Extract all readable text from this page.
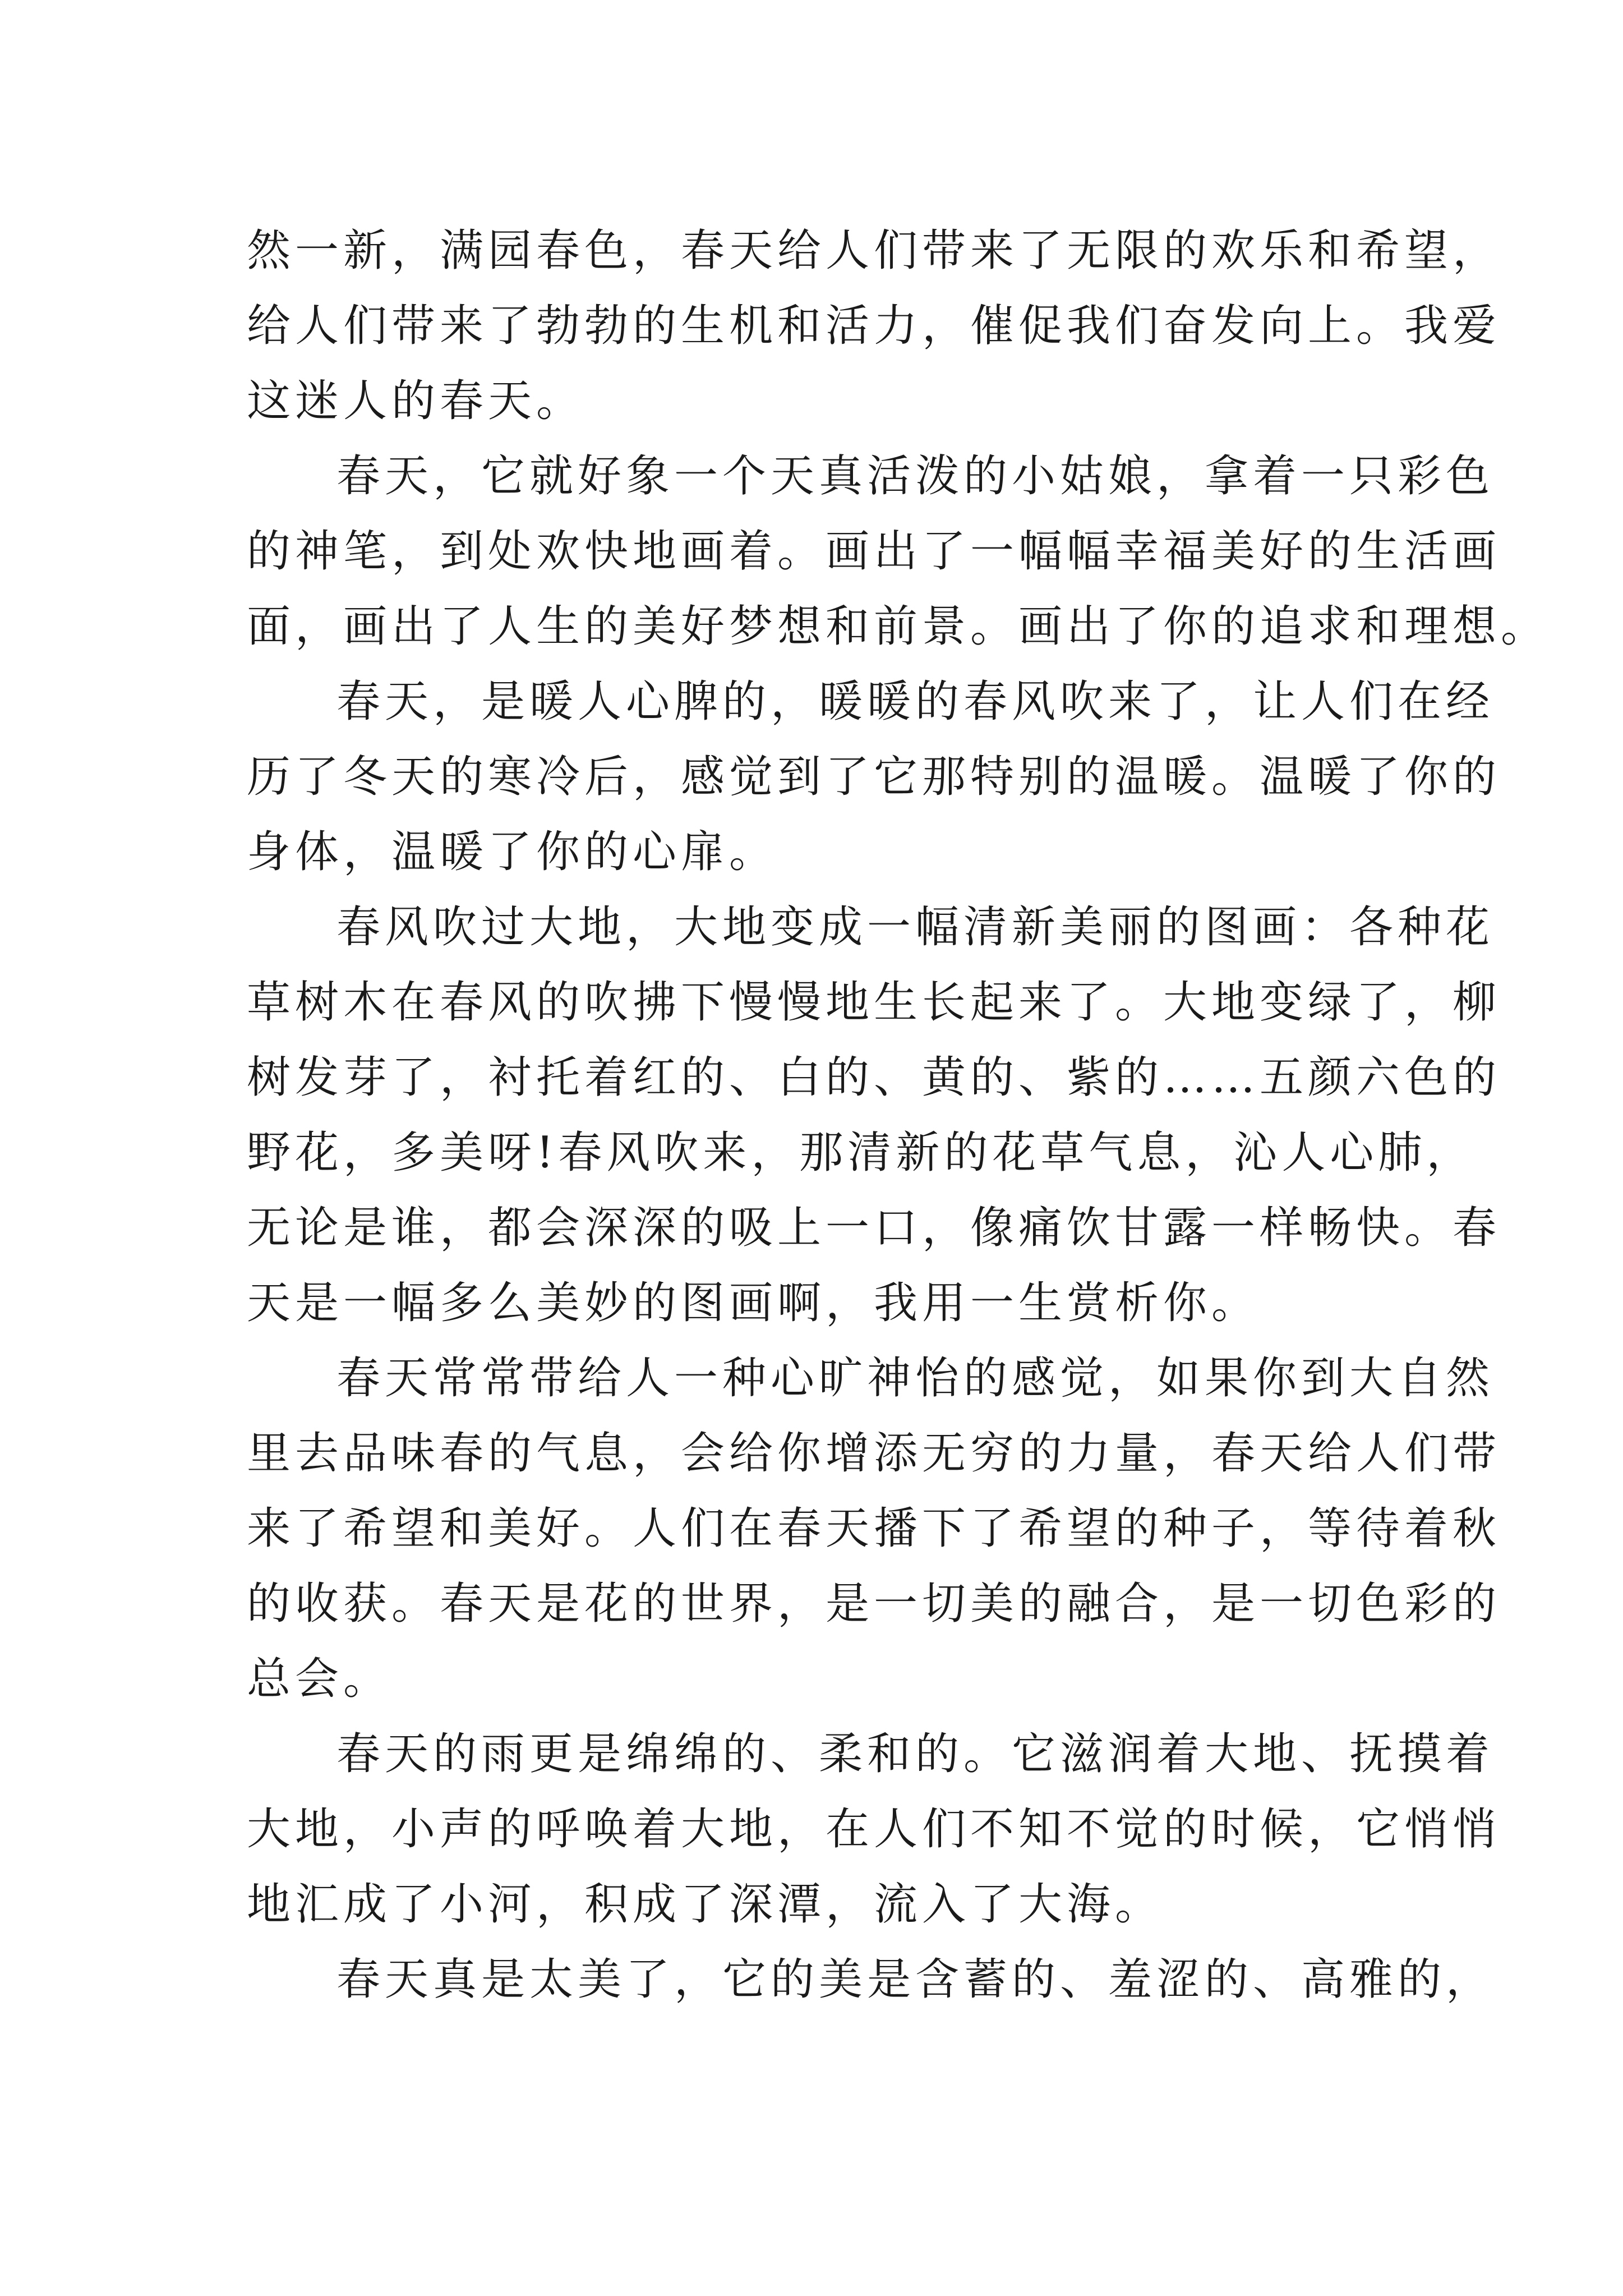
然一新，满园春色，春天给人们带来了无限的欢乐和希望，
给人们带来了勃勃的生机和活力，催促我们奋发向上。我爱
这迷人的春天。
春天，它就好象一个天真活泼的小姑娘，拿着一只彩色
的神笔，到处欢快地画着。画出了一幅幅幸福美好的生活画
面，画出了人生的美好梦想和前景。画出了你的追求和理想。
春天，是暖人心脾的，暖暖的春风吹来了，让人们在经
历了冬天的寒冷后，感觉到了它那特别的温暖。温暖了你的
身体，温暖了你的心扉。
春风吹过大地，大地变成一幅清新美丽的图画：各种花
草树木在春风的吹拂下慢慢地生长起来了。大地变绿了，柳
树发芽了，衬托着红的、白的、黄的、紫的……五颜六色的
野花，多美呀!春风吹来，那清新的花草气息，沁人心肺，
无论是谁，都会深深的吸上一口，像痛饮甘露一样畅快。春
天是一幅多么美妙的图画啊，我用一生赏析你。
春天常常带给人一种心旷神怡的感觉，如果你到大自然
里去品味春的气息，会给你增添无穷的力量，春天给人们带
来了希望和美好。人们在春天播下了希望的种子，等待着秋
的收获。春天是花的世界，是一切美的融合，是一切色彩的
总会。
春天的雨更是绵绵的、柔和的。它滋润着大地、抚摸着
大地，小声的呼唤着大地，在人们不知不觉的时候，它悄悄
地汇成了小河，积成了深潭，流入了大海。
春天真是太美了，它的美是含蓄的、羞涩的、高雅的，
